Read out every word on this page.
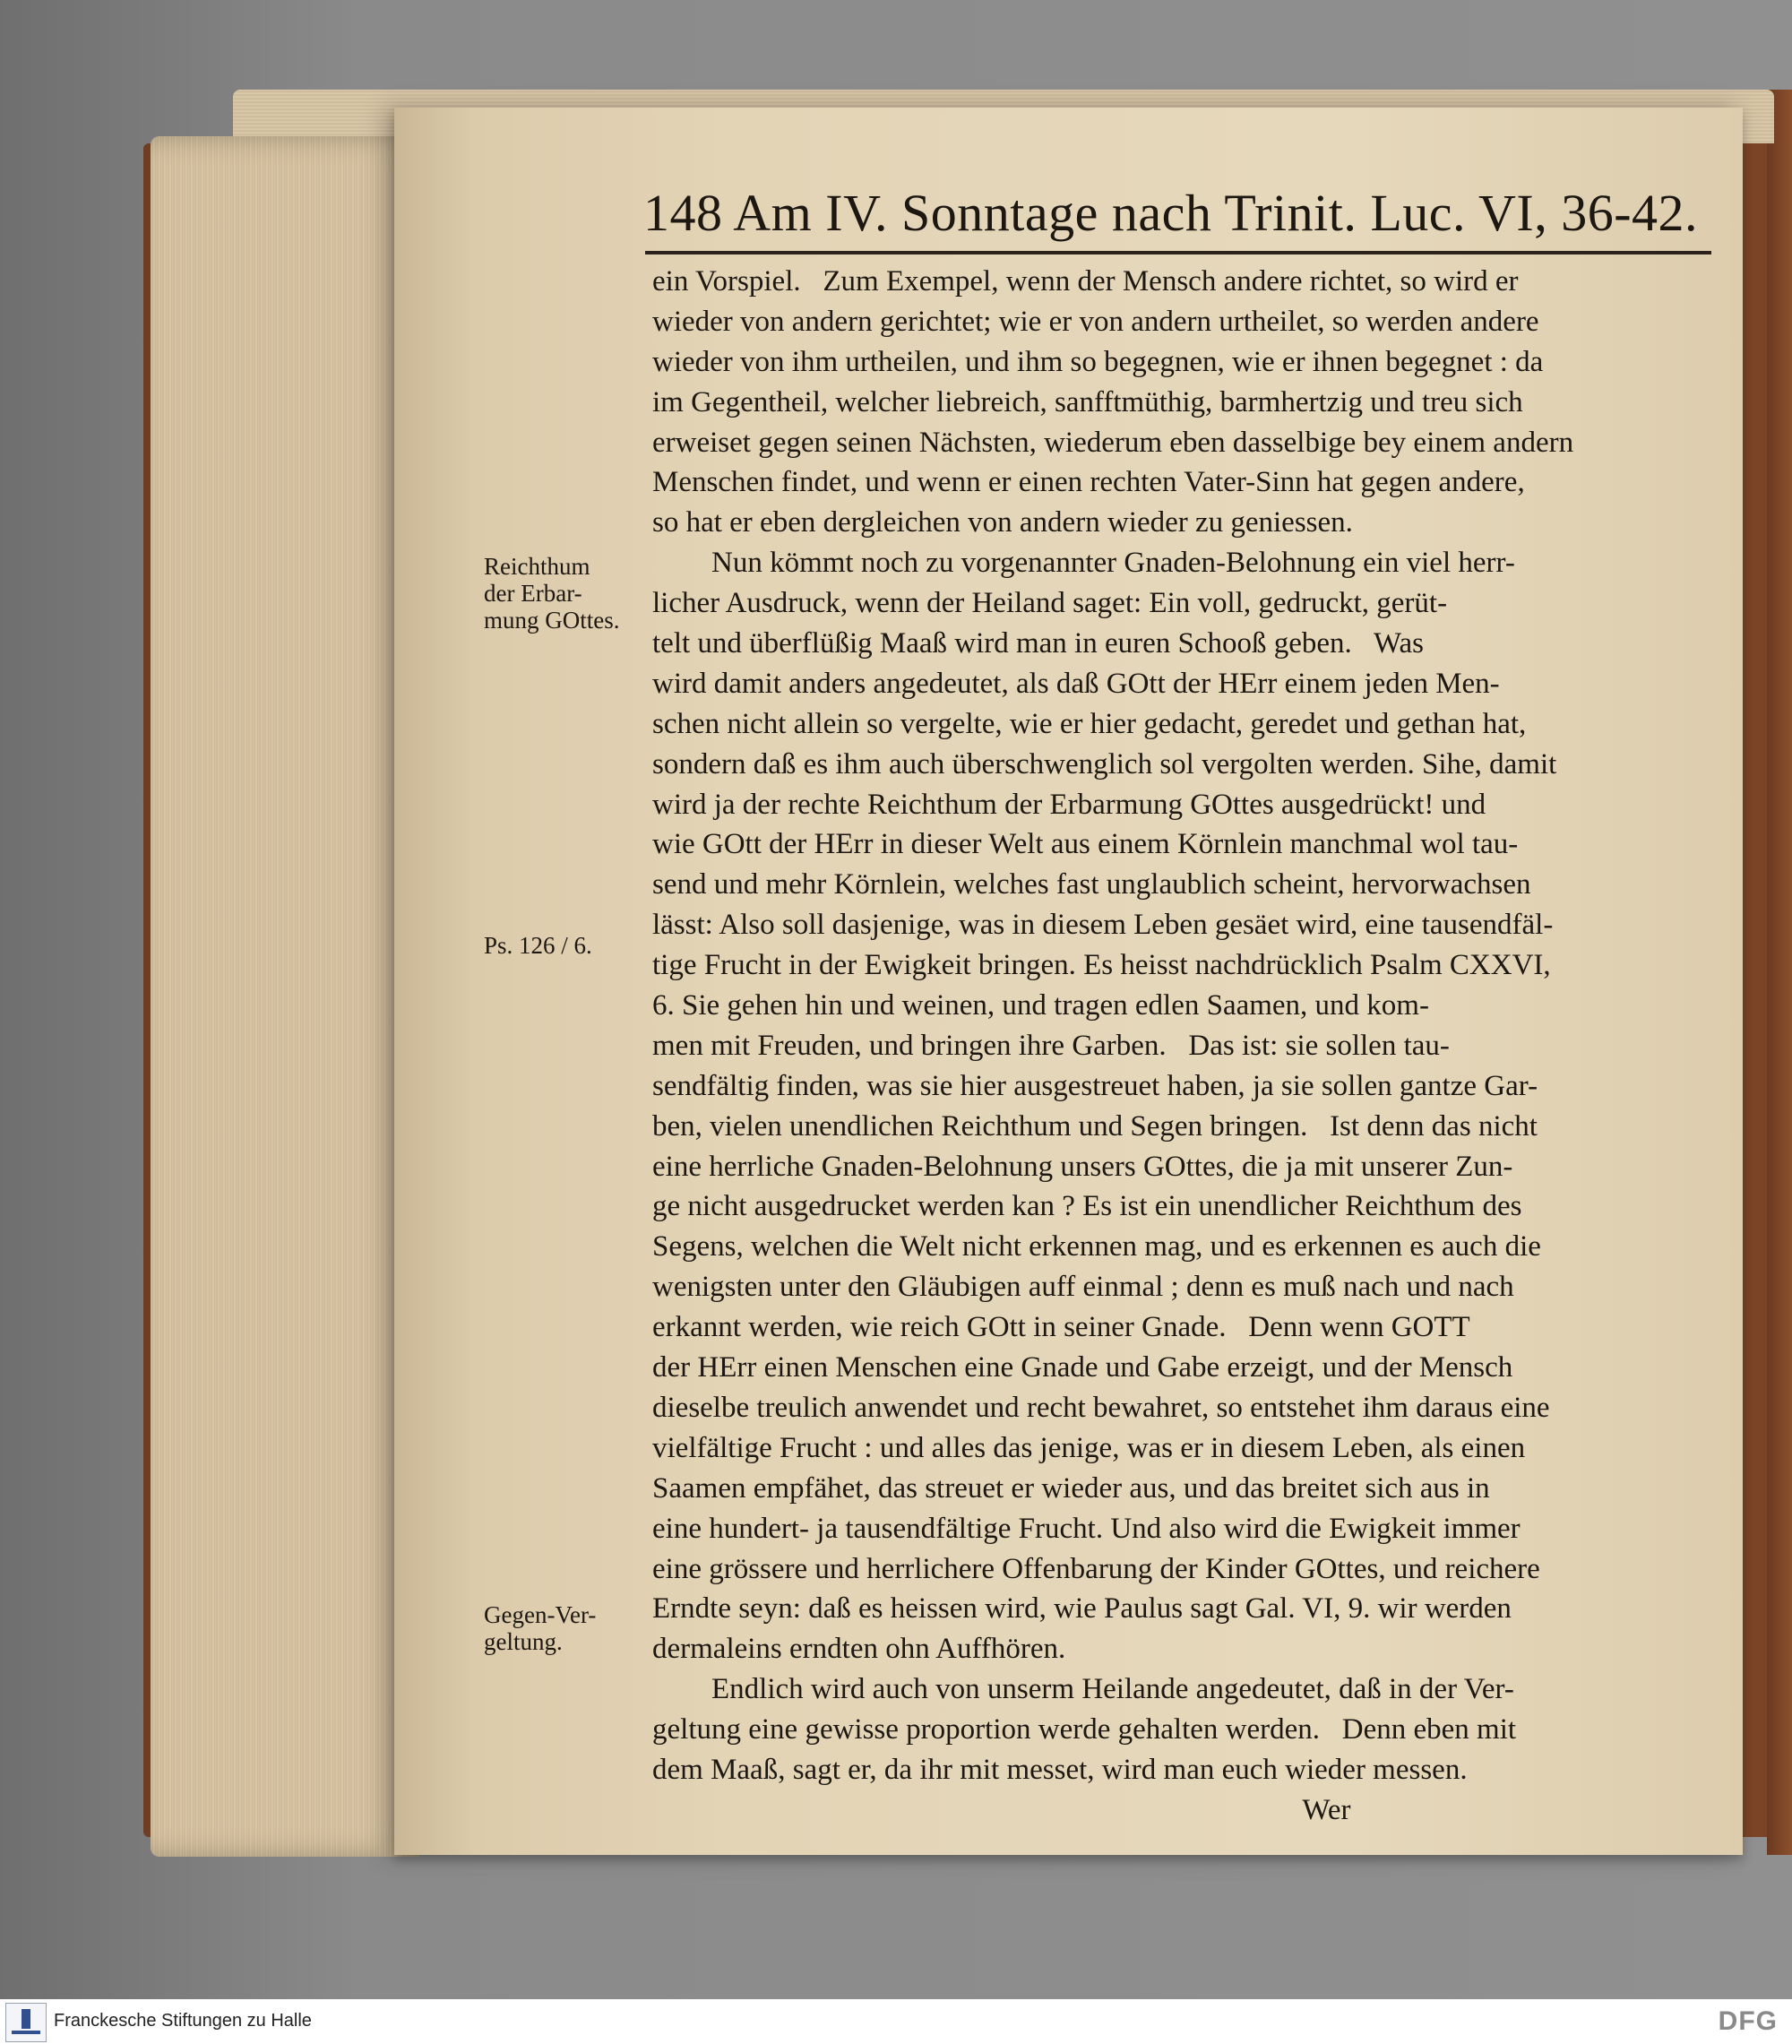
148 Am IV. Sonntage nach Trinit. Luc. VI, 36-42.
ein Vorspiel.   Zum Exempel, wenn der Mensch andere richtet, so wird er
wieder von andern gerichtet; wie er von andern urtheilet, so werden andere
wieder von ihm urtheilen, und ihm so begegnen, wie er ihnen begegnet : da
im Gegentheil, welcher liebreich, sanfftmüthig, barmhertzig und treu sich
erweiset gegen seinen Nächsten, wiederum eben dasselbige bey einem andern
Menschen findet, und wenn er einen rechten Vater-Sinn hat gegen andere,
so hat er eben dergleichen von andern wieder zu geniessen.
Nun kömmt noch zu vorgenannter Gnaden-Belohnung ein viel herr-
licher Ausdruck, wenn der Heiland saget: Ein voll, gedruckt, gerüt-
telt und überflüßig Maaß wird man in euren Schooß geben.   Was
wird damit anders angedeutet, als daß GOtt der HErr einem jeden Men-
schen nicht allein so vergelte, wie er hier gedacht, geredet und gethan hat,
sondern daß es ihm auch überschwenglich sol vergolten werden. Sihe, damit
wird ja der rechte Reichthum der Erbarmung GOttes ausgedrückt! und
wie GOtt der HErr in dieser Welt aus einem Körnlein manchmal wol tau-
send und mehr Körnlein, welches fast unglaublich scheint, hervorwachsen
lässt: Also soll dasjenige, was in diesem Leben gesäet wird, eine tausendfäl-
tige Frucht in der Ewigkeit bringen. Es heisst nachdrücklich Psalm CXXVI,
6. Sie gehen hin und weinen, und tragen edlen Saamen, und kom-
men mit Freuden, und bringen ihre Garben.   Das ist: sie sollen tau-
sendfältig finden, was sie hier ausgestreuet haben, ja sie sollen gantze Gar-
ben, vielen unendlichen Reichthum und Segen bringen.   Ist denn das nicht
eine herrliche Gnaden-Belohnung unsers GOttes, die ja mit unserer Zun-
ge nicht ausgedrucket werden kan ? Es ist ein unendlicher Reichthum des
Segens, welchen die Welt nicht erkennen mag, und es erkennen es auch die
wenigsten unter den Gläubigen auff einmal ; denn es muß nach und nach
erkannt werden, wie reich GOtt in seiner Gnade.   Denn wenn GOTT
der HErr einen Menschen eine Gnade und Gabe erzeigt, und der Mensch
dieselbe treulich anwendet und recht bewahret, so entstehet ihm daraus eine
vielfältige Frucht : und alles das jenige, was er in diesem Leben, als einen
Saamen empfähet, das streuet er wieder aus, und das breitet sich aus in
eine hundert- ja tausendfältige Frucht. Und also wird die Ewigkeit immer
eine grössere und herrlichere Offenbarung der Kinder GOttes, und reichere
Erndte seyn: daß es heissen wird, wie Paulus sagt Gal. VI, 9. wir werden
dermaleins erndten ohn Auffhören.
Endlich wird auch von unserm Heilande angedeutet, daß in der Ver-
geltung eine gewisse proportion werde gehalten werden.   Denn eben mit
dem Maaß, sagt er, da ihr mit messet, wird man euch wieder messen.
Wer
Reichthum
der Erbar-
mung GOttes.
Ps. 126 / 6.
Gegen-Ver-
geltung.
Franckesche Stiftungen zu Halle	DFG
